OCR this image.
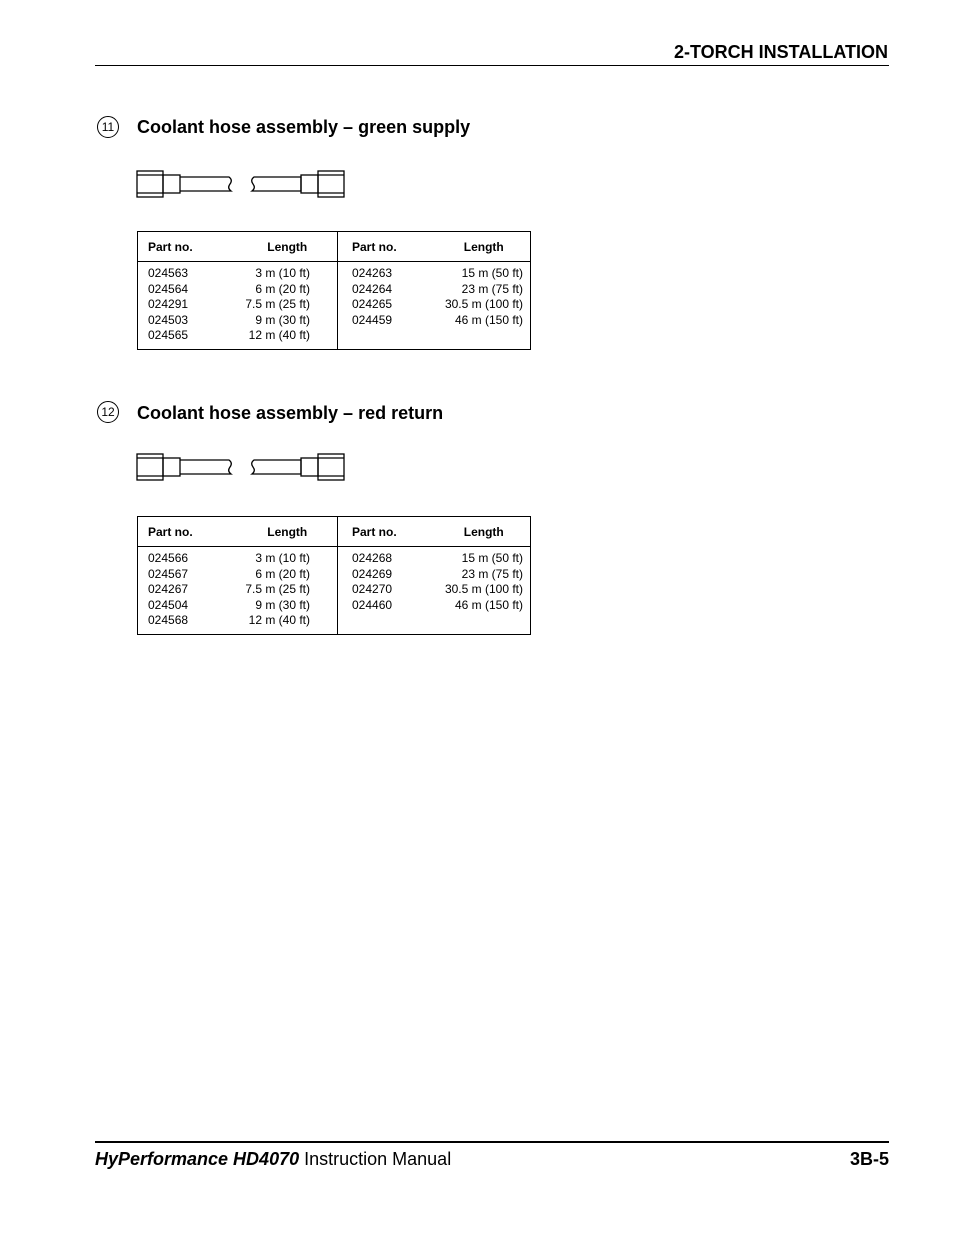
2-TORCH INSTALLATION
11 Coolant hose assembly – green supply
Part no.	Length	Part no.	Length
024563	3 m (10 ft)	024263	15 m (50 ft)
024564	6 m (20 ft)	024264	23 m (75 ft)
024291	7.5 m (25 ft)	024265	30.5 m (100 ft)
024503	9 m (30 ft)	024459	46 m (150 ft)
024565	12 m (40 ft)		
12 Coolant hose assembly – red return
Part no.	Length	Part no.	Length
024566	3 m (10 ft)	024268	15 m (50 ft)
024567	6 m (20 ft)	024269	23 m (75 ft)
024267	7.5 m (25 ft)	024270	30.5 m (100 ft)
024504	9 m (30 ft)	024460	46 m (150 ft)
024568	12 m (40 ft)		
HyPerformance HD4070 Instruction Manual	3B-5
